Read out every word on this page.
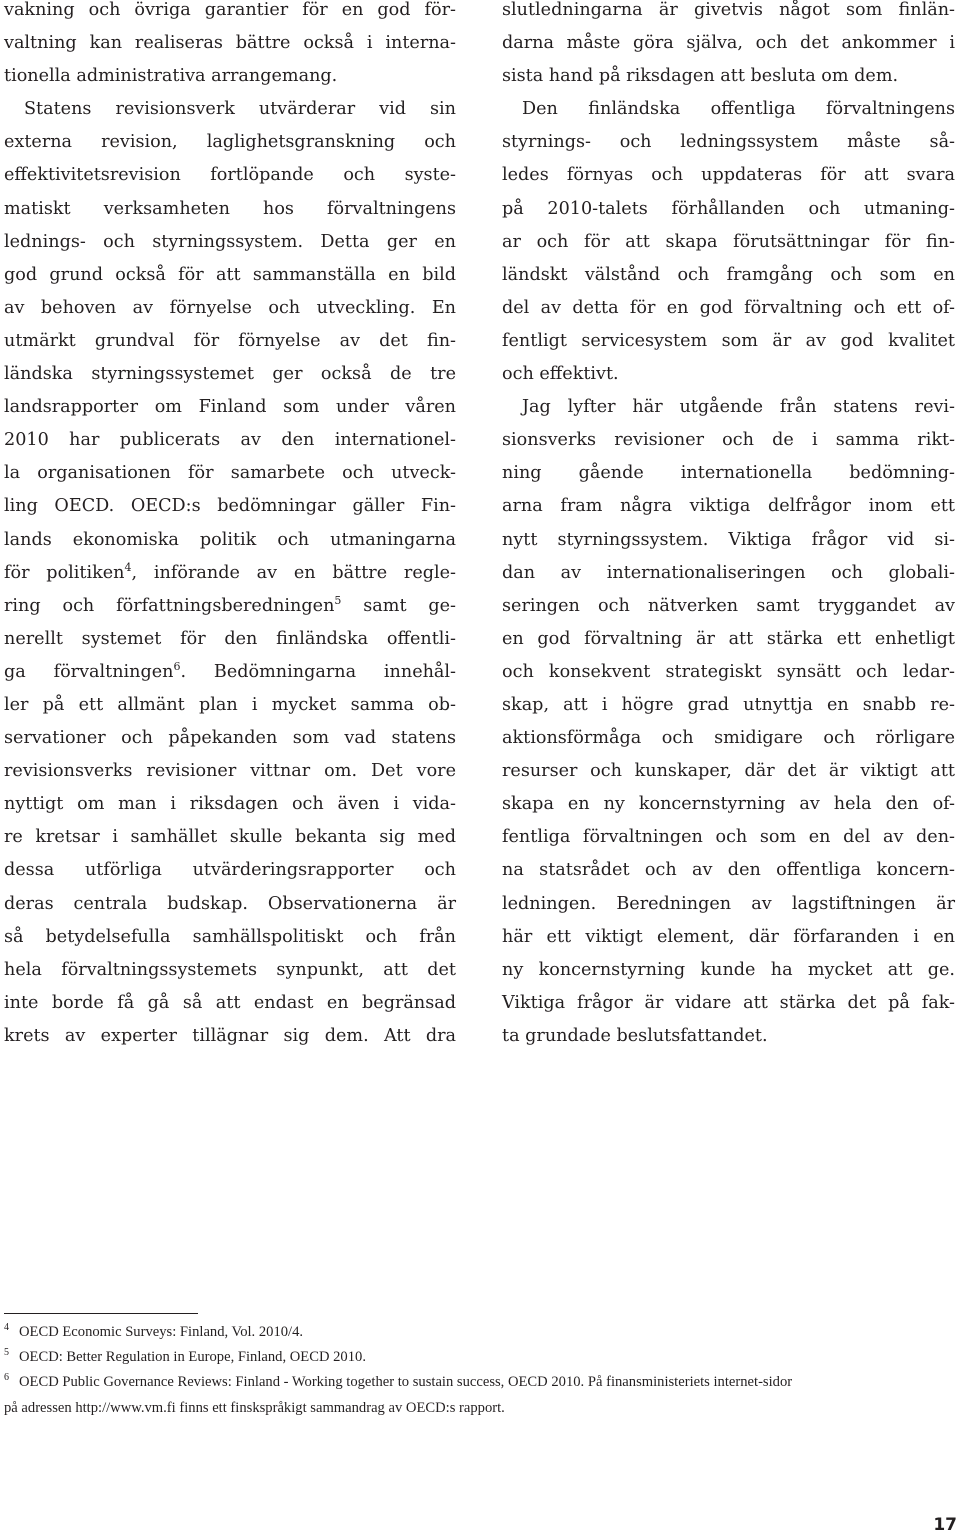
vakning och övriga garantier för en god för-
valtning kan realiseras bättre också i interna-
tionella administrativa arrangemang.

Statens revisionsverk utvärderar vid sin
externa revision, laglighetsgranskning och
effektivitetsrevision fortlöpande och syste-
matiskt verksamheten hos förvaltningens
lednings- och styrningssystem. Detta ger en
god grund också för att sammanställa en bild
av behoven av förnyelse och utveckling. En
utmärkt grundval för förnyelse av det fin-
ländska styrningssystemet ger också de tre
landsrapporter om Finland som under våren
2010 har publicerats av den internationel-
la organisationen för samarbete och utveck-
ling OECD. OECD:s bedömningar gäller Fin-
lands ekonomiska politik och utmaningarna
för politiken$^4$, införande av en bättre regle-
ring och författningsberedningen$^5$ samt ge-
nerellt systemet för den finländska offentli-
ga förvaltningen$^6$. Bedömningarna innehål-
ler på ett allmänt plan i mycket samma ob-
servationer och påpekanden som vad statens
revisionsverks revisioner vittnar om. Det vore
nyttigt om man i riksdagen och även i vida-
re kretsar i samhället skulle bekanta sig med
dessa utförliga utvärderingsrapporter och
deras centrala budskap. Observationerna är
så betydelsefulla samhällspolitiskt och från
hela förvaltningssystemets synpunkt, att det
inte borde få gå så att endast en begränsad
krets av experter tillägnar sig dem. Att dra

slutledningarna är givetvis något som finlän-
darna måste göra själva, och det ankommer i
sista hand på riksdagen att besluta om dem.

Den finländska offentliga förvaltningens
styrnings- och ledningssystem måste så-
ledes förnyas och uppdateras för att svara
på 2010-talets förhållanden och utmaning-
ar och för att skapa förutsättningar för fin-
ländskt välstånd och framgång och som en
del av detta för en god förvaltning och ett of-
fentligt servicesystem som är av god kvalitet
och effektivt.

Jag lyfter här utgående från statens revi-
sionsverks revisioner och de i samma rikt-
ning gående internationella bedömning-
arna fram några viktiga delfrågor inom ett
nytt styrningssystem. Viktiga frågor vid si-
dan av internationaliseringen och globali-
seringen och nätverken samt tryggandet av
en god förvaltning är att stärka ett enhetligt
och konsekvent strategiskt synsätt och ledar-
skap, att i högre grad utnyttja en snabb re-
aktionsförmåga och smidigare och rörligare
resurser och kunskaper, där det är viktigt att
skapa en ny koncernstyrning av hela den of-
fentliga förvaltningen och som en del av den-
na statsrådet och av den offentliga koncern-
ledningen. Beredningen av lagstiftningen är
här ett viktigt element, där förfaranden i en
ny koncernstyrning kunde ha mycket att ge.
Viktiga frågor är vidare att stärka det på fak-
ta grundade beslutsfattandet.

4 OECD Economic Surveys: Finland, Vol. 2010/4.
5 OECD: Better Regulation in Europe, Finland, OECD 2010.
6 OECD Public Governance Reviews: Finland - Working together to sustain success, OECD 2010. På finansministeriets internet-sidor
på adressen http://www.vm.fi finns ett finskspråkigt sammandrag av OECD:s rapport.
17
